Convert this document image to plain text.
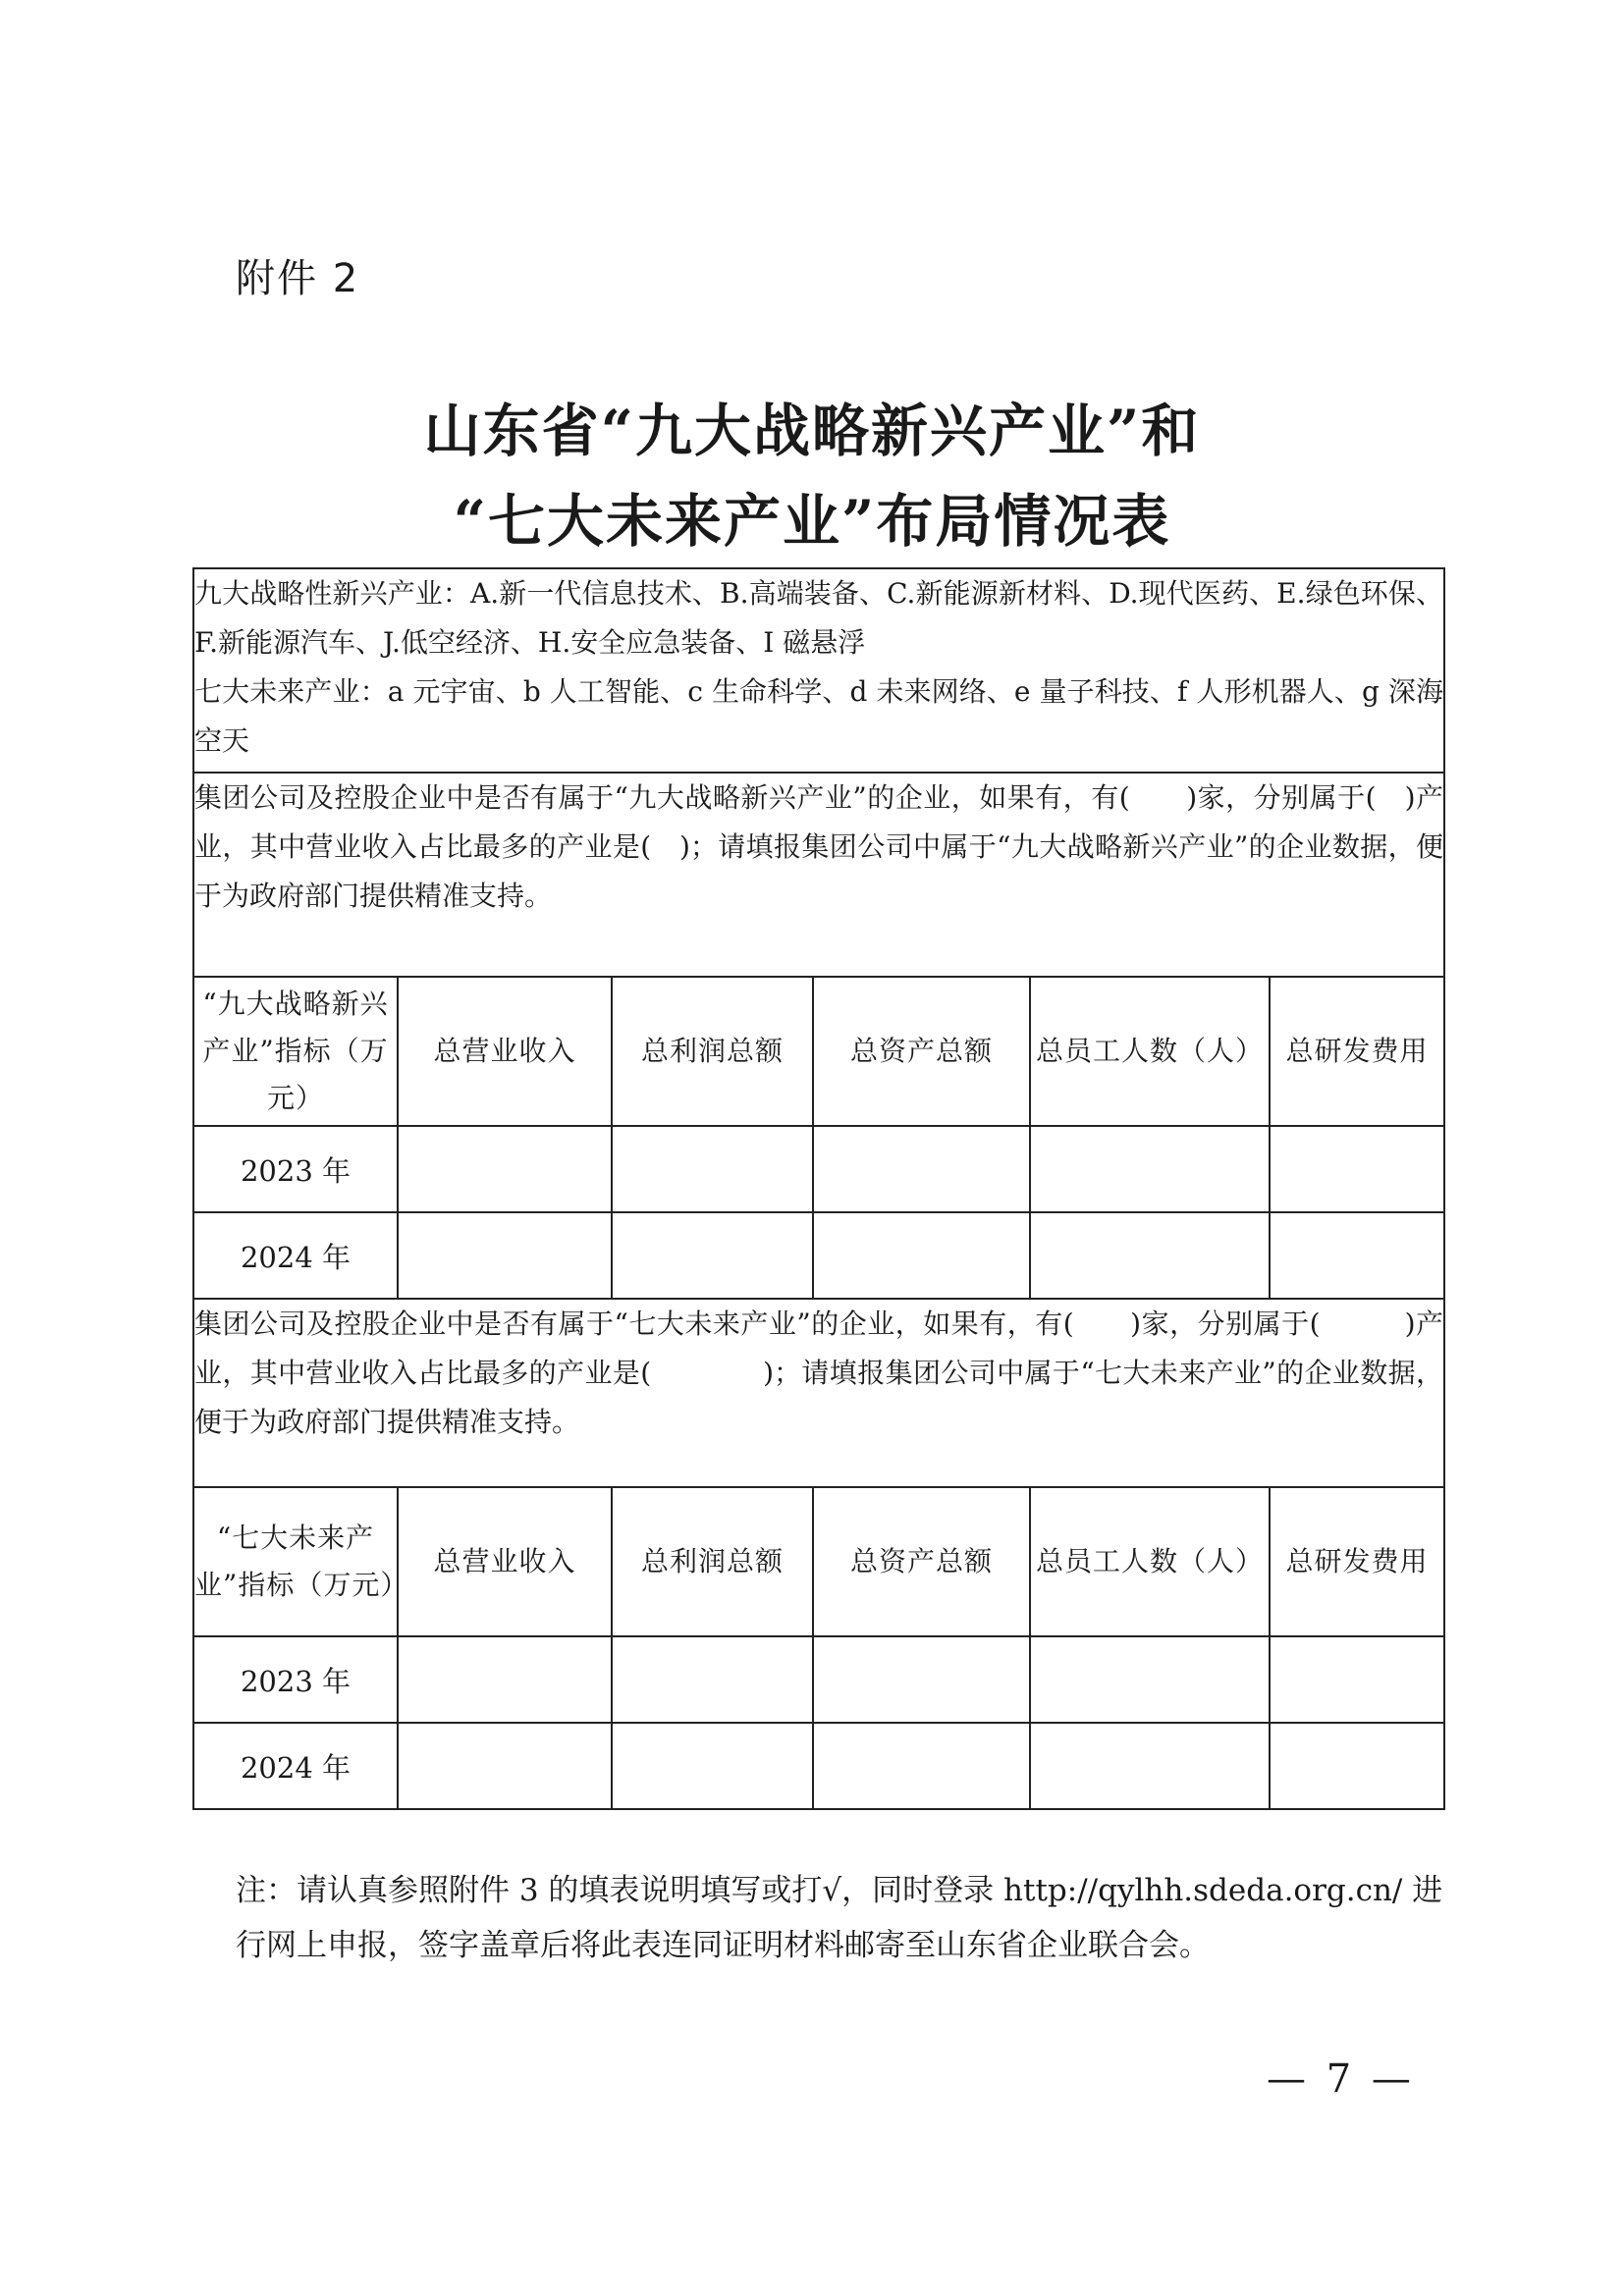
附件 2
山东省“九大战略新兴产业”和
“七大未来产业”布局情况表
九大战略性新兴产业：A.新一代信息技术、B.高端装备、C.新能源新材料、D.现代医药、E.绿色环保、F.新能源汽车、J.低空经济、H.安全应急装备、I 磁悬浮
七大未来产业：a 元宇宙、b 人工智能、c 生命科学、d 未来网络、e 量子科技、f 人形机器人、g 深海空天					

集团公司及控股企业中是否有属于“九大战略新兴产业”的企业，如果有，有(　　)家，分别属于(　)产业，其中营业收入占比最多的产业是(　)；请填报集团公司中属于“九大战略新兴产业”的企业数据，便于为政府部门提供精准支持。					
“九大战略新兴产业”指标（万元）	总营业收入	总利润总额	总资产总额	总员工人数（人）	总研发费用
2023 年					
2024 年					
集团公司及控股企业中是否有属于“七大未来产业”的企业，如果有，有(　　)家，分别属于(　　　)产业，其中营业收入占比最多的产业是(　　　　)；请填报集团公司中属于“七大未来产业”的企业数据，便于为政府部门提供精准支持。					
“七大未来产业”指标（万元）	总营业收入	总利润总额	总资产总额	总员工人数（人）	总研发费用
2023 年					
2024 年					
注：请认真参照附件 3 的填表说明填写或打√，同时登录 http://qylhh.sdeda.org.cn/ 进行网上申报，签字盖章后将此表连同证明材料邮寄至山东省企业联合会。
— 7 —
